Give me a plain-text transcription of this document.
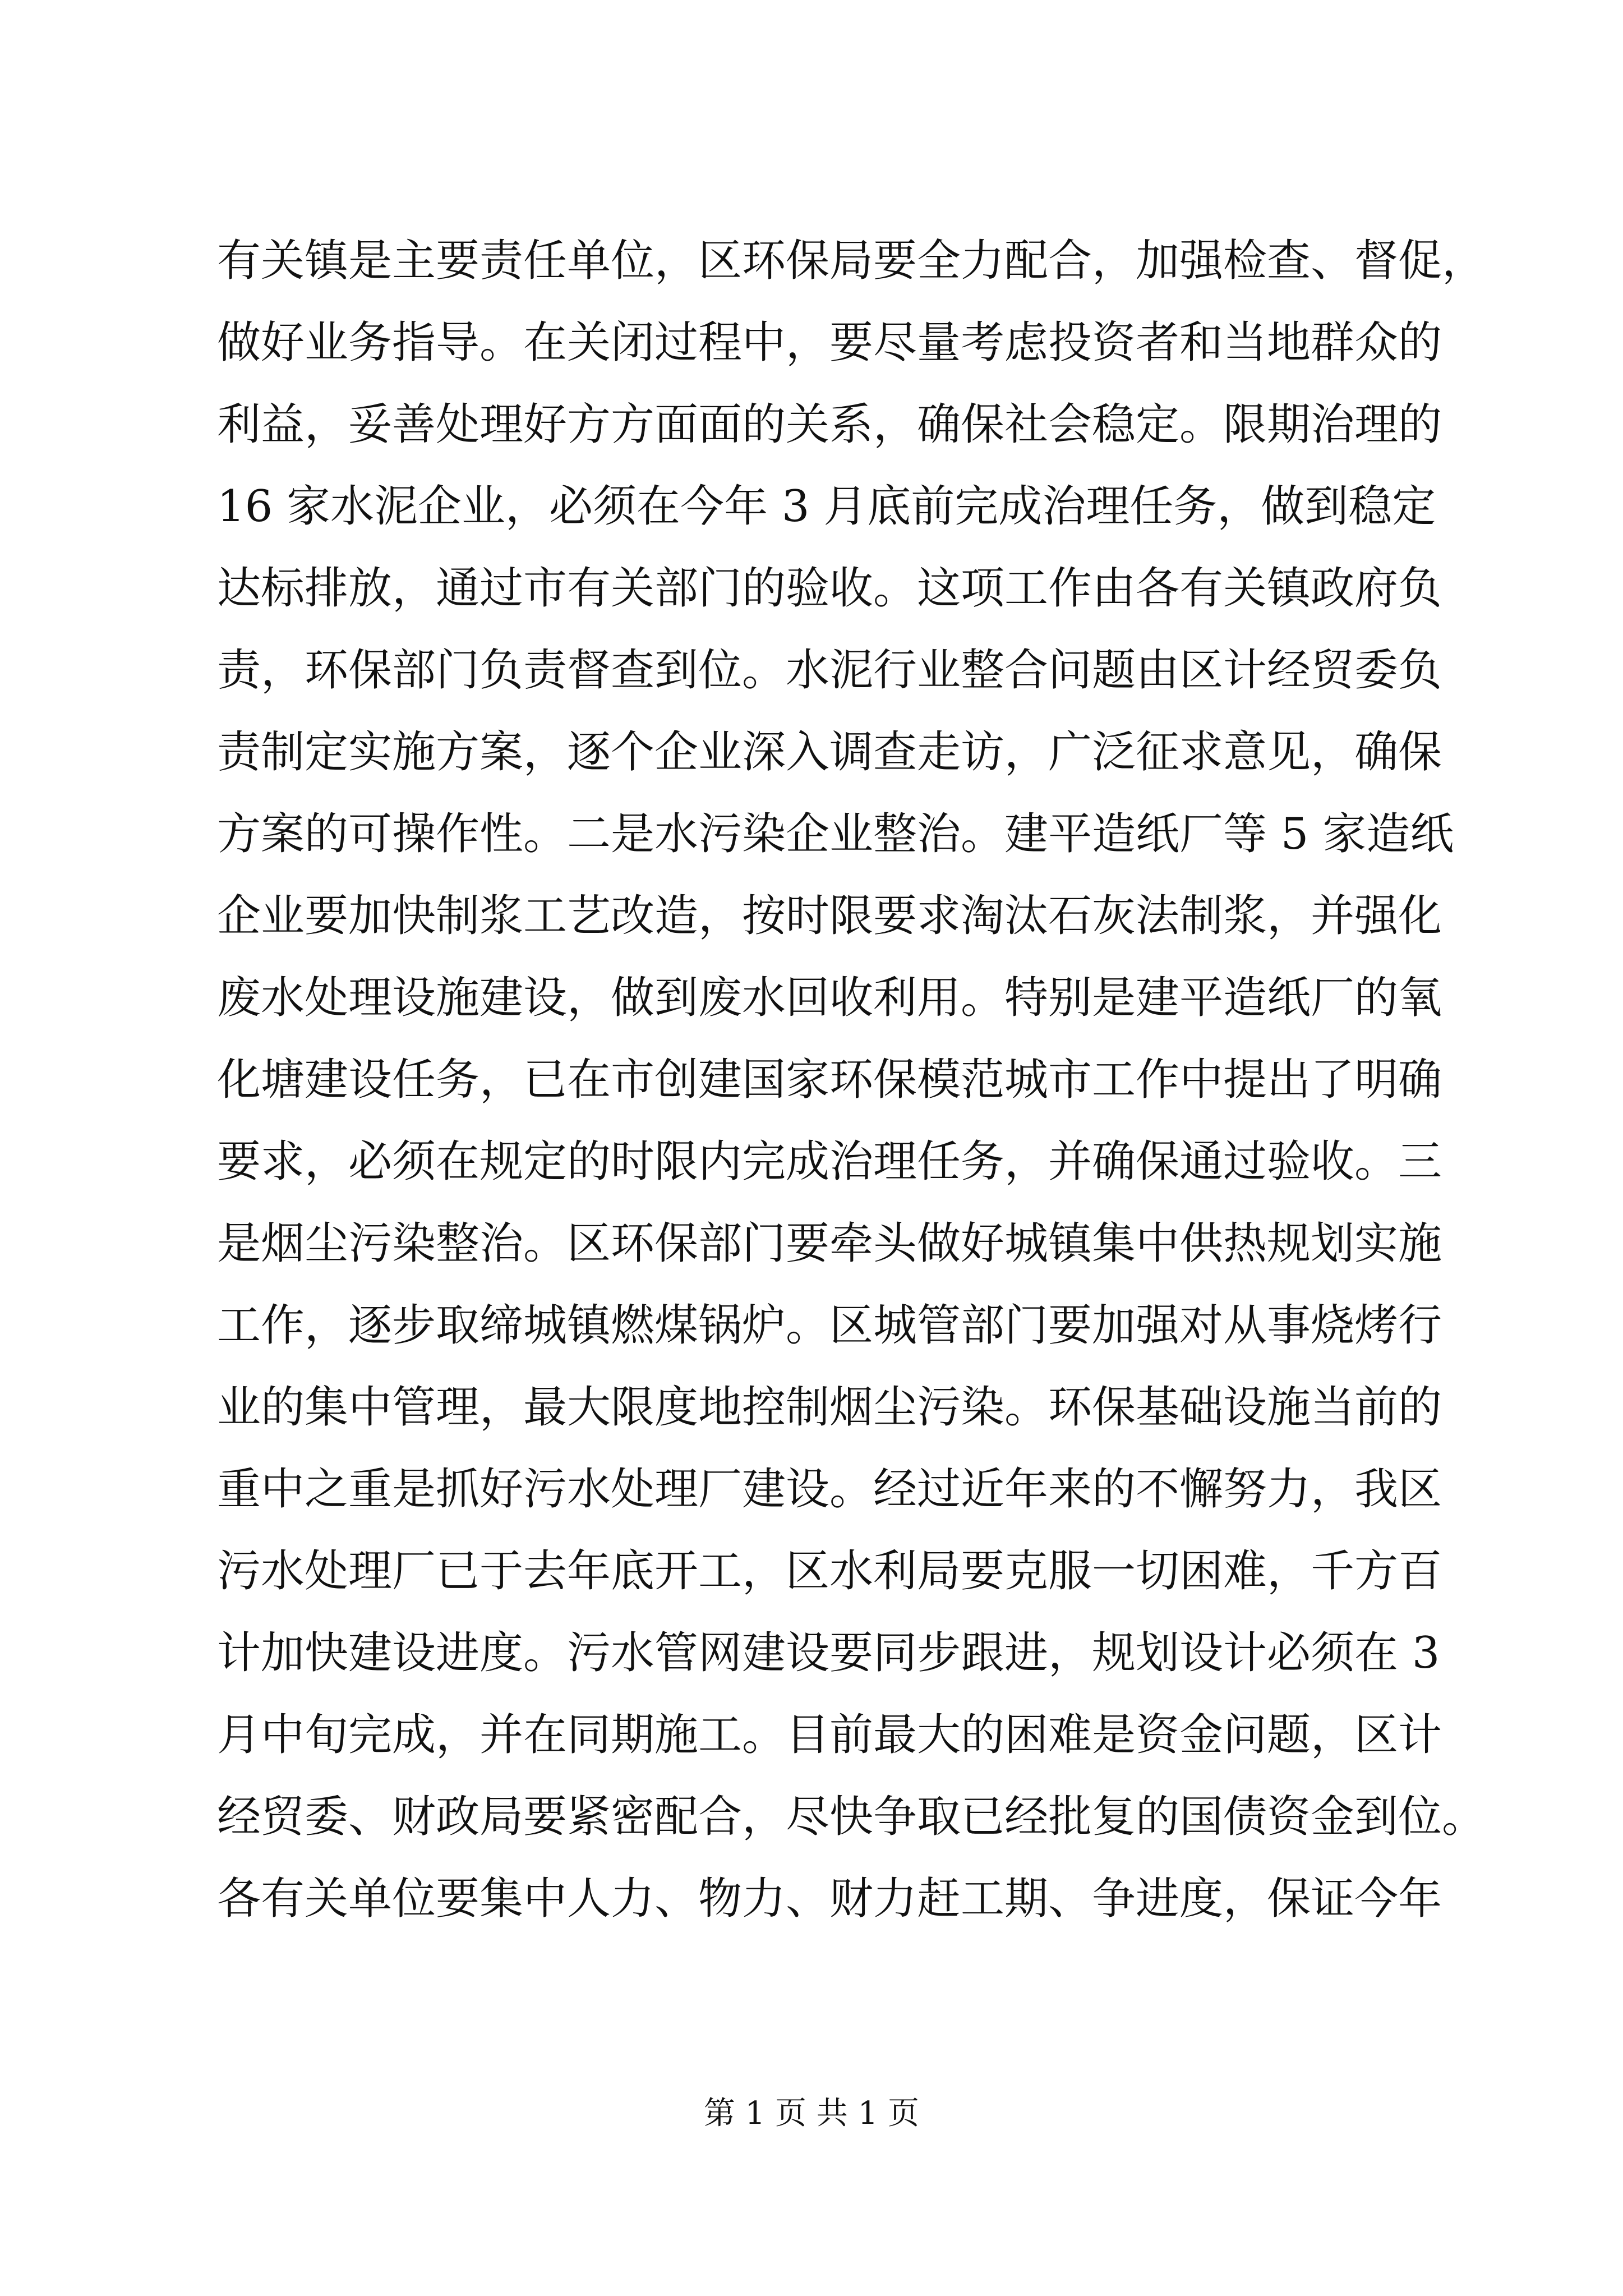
有关镇是主要责任单位，区环保局要全力配合，加强检查、督促，
做好业务指导。在关闭过程中，要尽量考虑投资者和当地群众的
利益，妥善处理好方方面面的关系，确保社会稳定。限期治理的
16 家水泥企业，必须在今年 3 月底前完成治理任务，做到稳定
达标排放，通过市有关部门的验收。这项工作由各有关镇政府负
责，环保部门负责督查到位。水泥行业整合问题由区计经贸委负
责制定实施方案，逐个企业深入调查走访，广泛征求意见，确保
方案的可操作性。二是水污染企业整治。建平造纸厂等 5 家造纸
企业要加快制浆工艺改造，按时限要求淘汰石灰法制浆，并强化
废水处理设施建设，做到废水回收利用。特别是建平造纸厂的氧
化塘建设任务，已在市创建国家环保模范城市工作中提出了明确
要求，必须在规定的时限内完成治理任务，并确保通过验收。三
是烟尘污染整治。区环保部门要牵头做好城镇集中供热规划实施
工作，逐步取缔城镇燃煤锅炉。区城管部门要加强对从事烧烤行
业的集中管理，最大限度地控制烟尘污染。环保基础设施当前的
重中之重是抓好污水处理厂建设。经过近年来的不懈努力，我区
污水处理厂已于去年底开工，区水利局要克服一切困难，千方百
计加快建设进度。污水管网建设要同步跟进，规划设计必须在 3
月中旬完成，并在同期施工。目前最大的困难是资金问题，区计
经贸委、财政局要紧密配合，尽快争取已经批复的国债资金到位。
各有关单位要集中人力、物力、财力赶工期、争进度，保证今年
第 1 页 共 1 页
